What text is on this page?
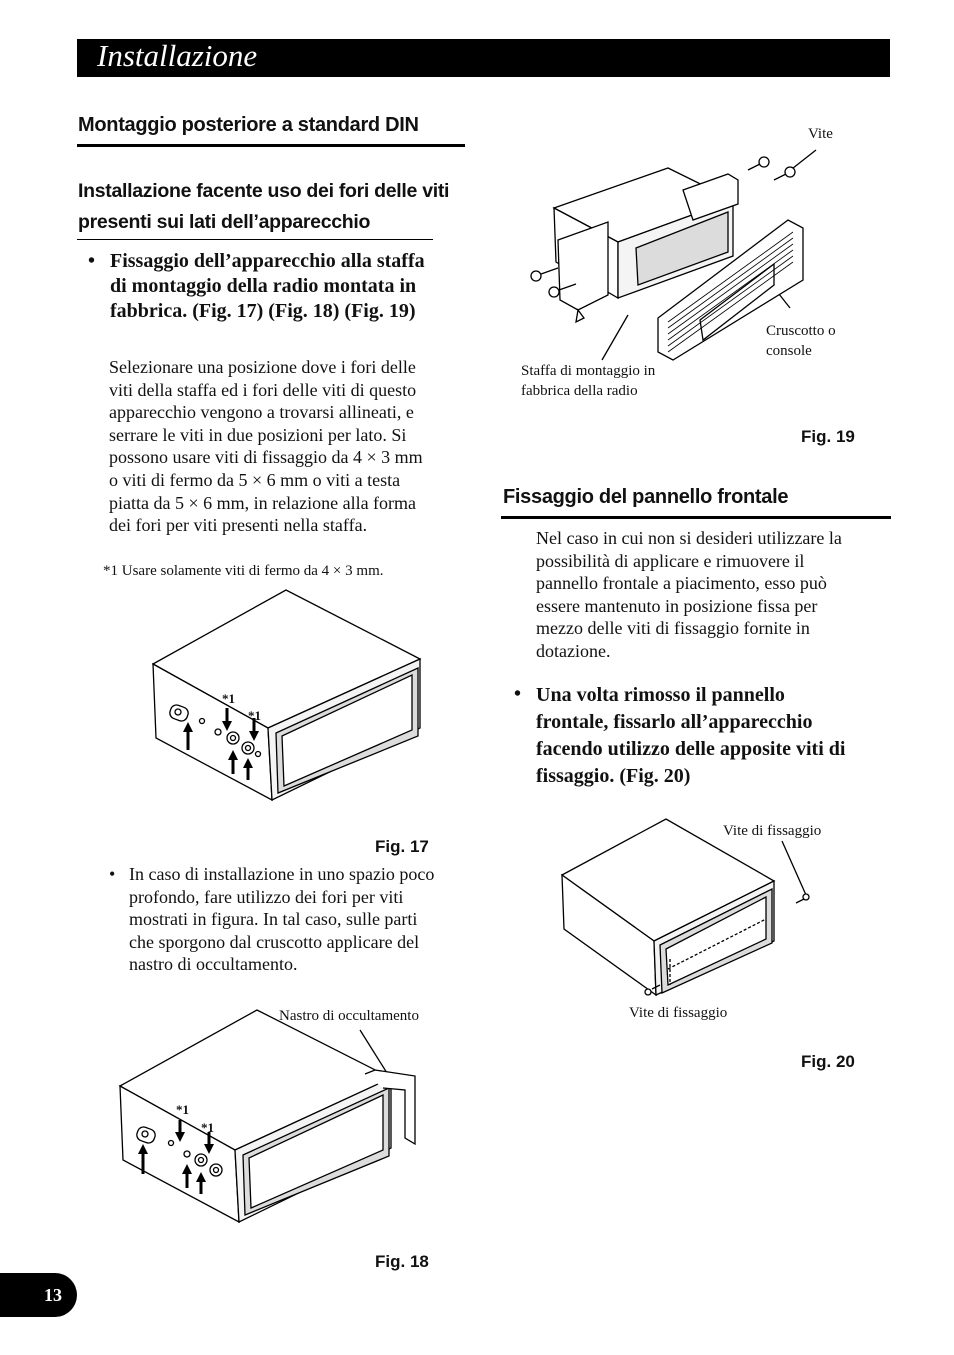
Installazione
Montaggio posteriore a standard DIN
Installazione facente uso dei fori delle viti presenti sui lati dell’apparecchio
• Fissaggio dell’apparecchio alla staffa di montaggio della radio montata in fabbrica. (Fig. 17) (Fig. 18) (Fig. 19)
Selezionare una posizione dove i fori delle viti della staffa ed i fori delle viti di questo apparecchio vengono a trovarsi allineati, e serrare le viti in due posizioni per lato. Si possono usare viti di fissaggio da 4 × 3 mm o viti di fermo da 5 × 6 mm o viti a testa piatta da 5 × 6 mm, in relazione alla forma dei fori per viti presenti nella staffa.
*1 Usare solamente viti di fermo da 4 × 3 mm.
*1
*1
Fig. 17
• In caso di installazione in uno spazio poco profondo, fare utilizzo dei fori per viti mostrati in figura. In tal caso, sulle parti che sporgono dal cruscotto applicare del nastro di occultamento.
Nastro di occultamento
*1
*1
Fig. 18
Vite
Cruscotto o console
Staffa di montaggio in fabbrica della radio
Fig. 19
Fissaggio del pannello frontale
Nel caso in cui non si desideri utilizzare la possibilità di applicare e rimuovere il pannello frontale a piacimento, esso può essere mantenuto in posizione fissa per mezzo delle viti di fissaggio fornite in dotazione.
• Una volta rimosso il pannello frontale, fissarlo all’apparecchio facendo utilizzo delle apposite viti di fissaggio. (Fig. 20)
Vite di fissaggio
Vite di fissaggio
Fig. 20
13
